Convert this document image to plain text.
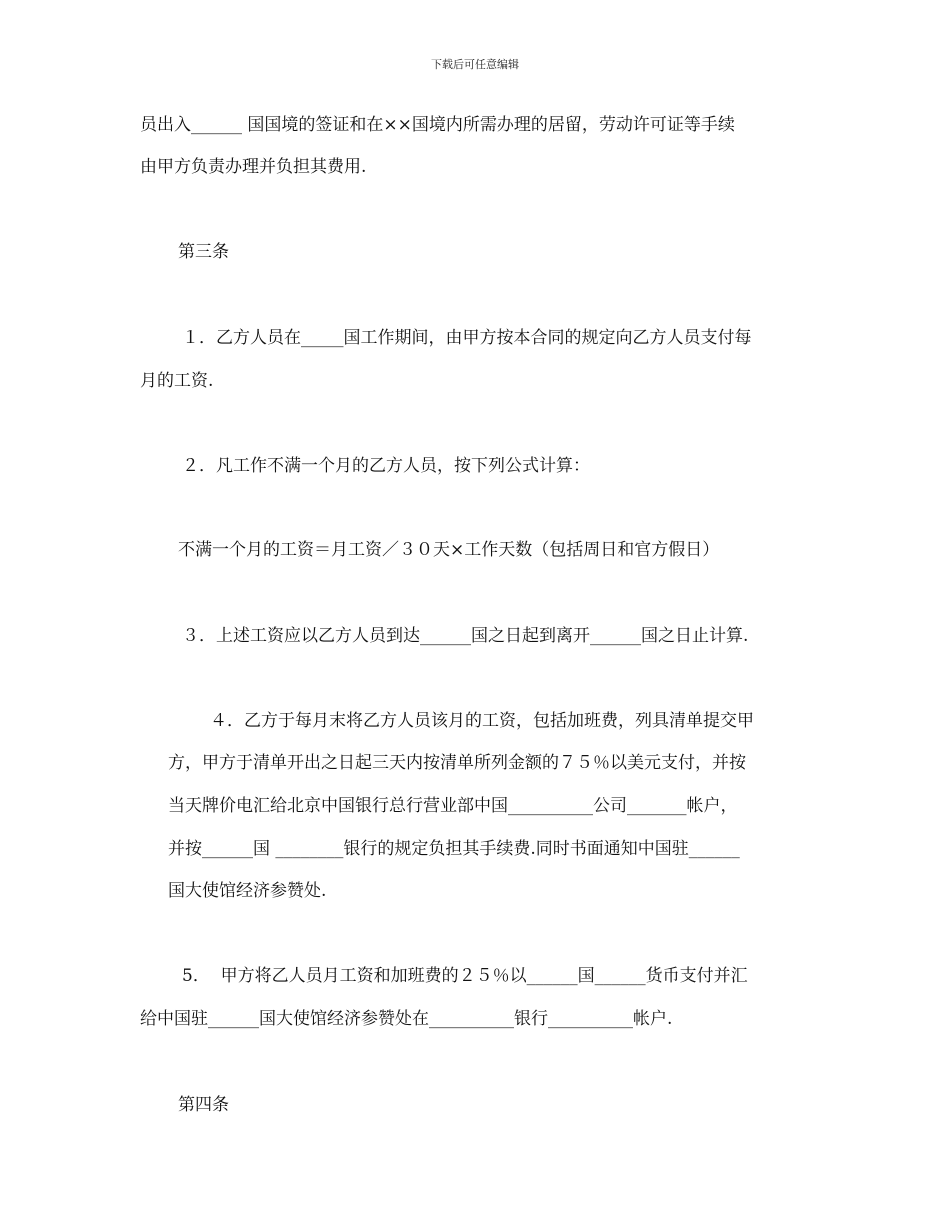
下载后可任意编辑
员出入______ 国国境的签证和在××国境内所需办理的居留，劳动许可证等手续
由甲方负责办理并负担其费用.
第三条
１．乙方人员在_____国工作期间，由甲方按本合同的规定向乙方人员支付每
月的工资.
２．凡工作不满一个月的乙方人员，按下列公式计算：
不满一个月的工资＝月工资／３０天×工作天数（包括周日和官方假日）
３．上述工资应以乙方人员到达______国之日起到离开______国之日止计算.
４．乙方于每月末将乙方人员该月的工资，包括加班费，列具清单提交甲
方，甲方于清单开出之日起三天内按清单所列金额的７５％以美元支付，并按
当天牌价电汇给北京中国银行总行营业部中国__________公司_______帐户，
并按______国 ________银行的规定负担其手续费.同时书面通知中国驻______
国大使馆经济参赞处.
5．  甲方将乙人员月工资和加班费的２５％以______国______货币支付并汇
给中国驻______国大使馆经济参赞处在__________银行__________帐户.
第四条
